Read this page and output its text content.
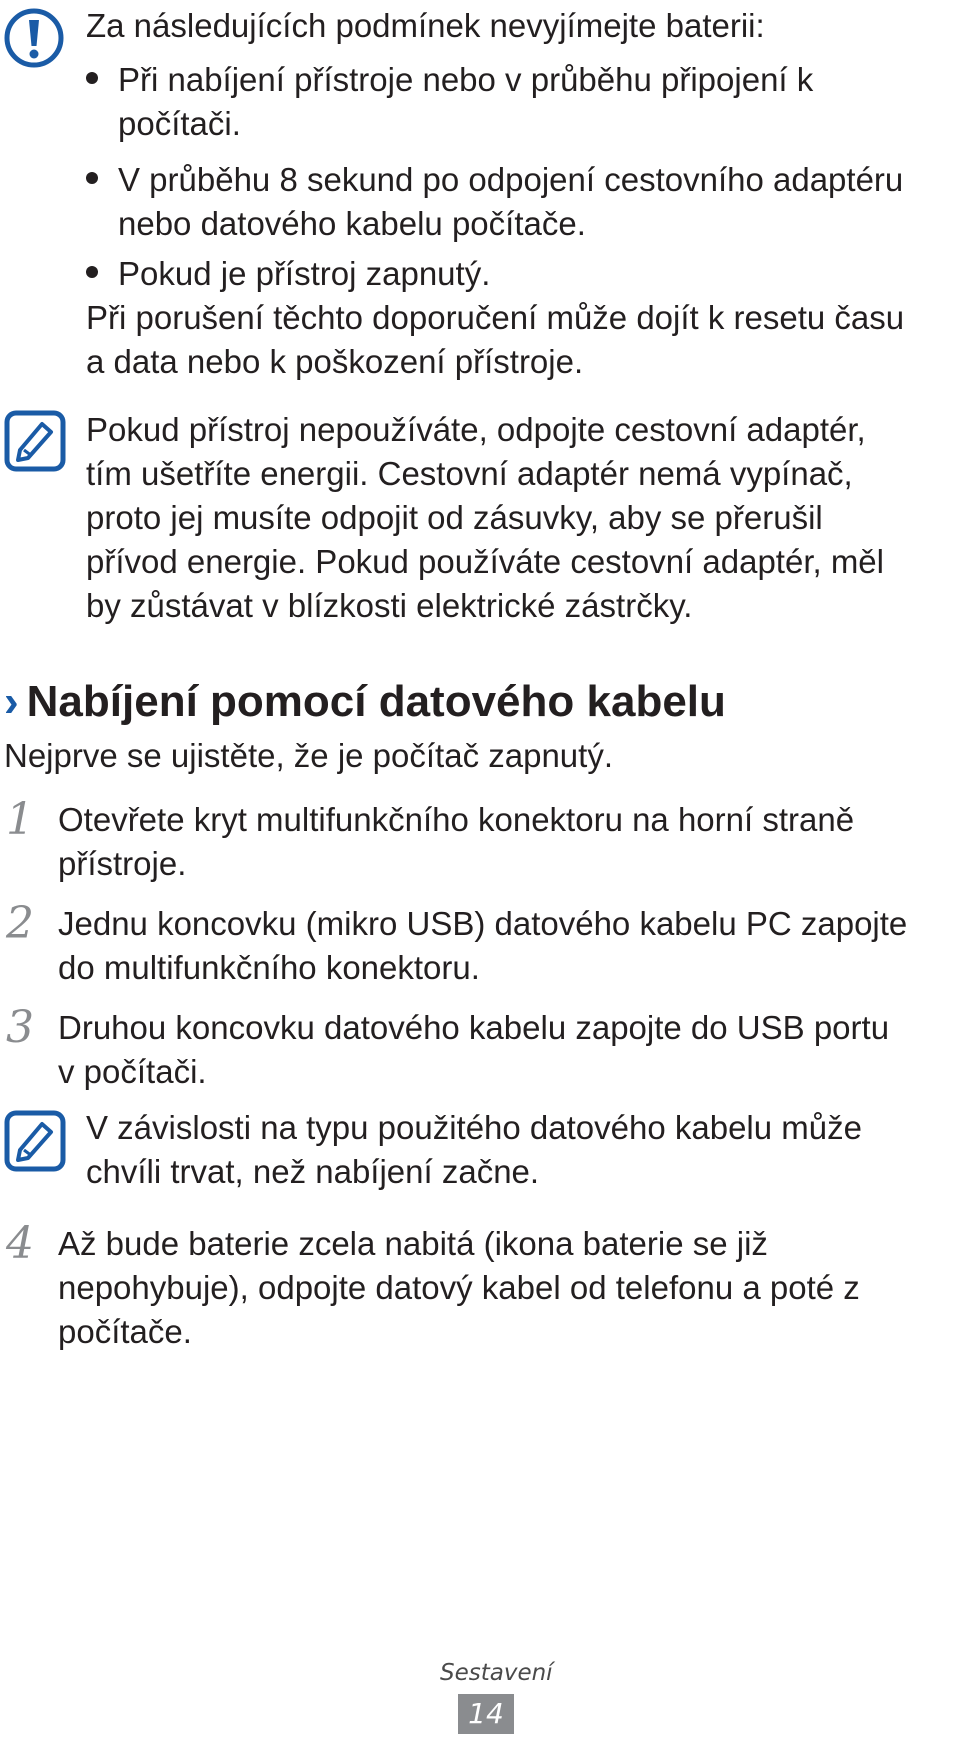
Za následujících podmínek nevyjímejte baterii:
Při nabíjení přístroje nebo v průběhu připojení k
počítači.
V průběhu 8 sekund po odpojení cestovního adaptéru
nebo datového kabelu počítače.
Pokud je přístroj zapnutý.
Při porušení těchto doporučení může dojít k resetu času
a data nebo k poškození přístroje.
Pokud přístroj nepoužíváte, odpojte cestovní adaptér,
tím ušetříte energii. Cestovní adaptér nemá vypínač,
proto jej musíte odpojit od zásuvky, aby se přerušil
přívod energie. Pokud používáte cestovní adaptér, měl
by zůstávat v blízkosti elektrické zástrčky.
› Nabíjení pomocí datového kabelu
Nejprve se ujistěte, že je počítač zapnutý.
1 Otevřete kryt multifunkčního konektoru na horní straně
přístroje.
2 Jednu koncovku (mikro USB) datového kabelu PC zapojte
do multifunkčního konektoru.
3 Druhou koncovku datového kabelu zapojte do USB portu
v počítači.
V závislosti na typu použitého datového kabelu může
chvíli trvat, než nabíjení začne.
4 Až bude baterie zcela nabitá (ikona baterie se již
nepohybuje), odpojte datový kabel od telefonu a poté z
počítače.
Sestavení
14
